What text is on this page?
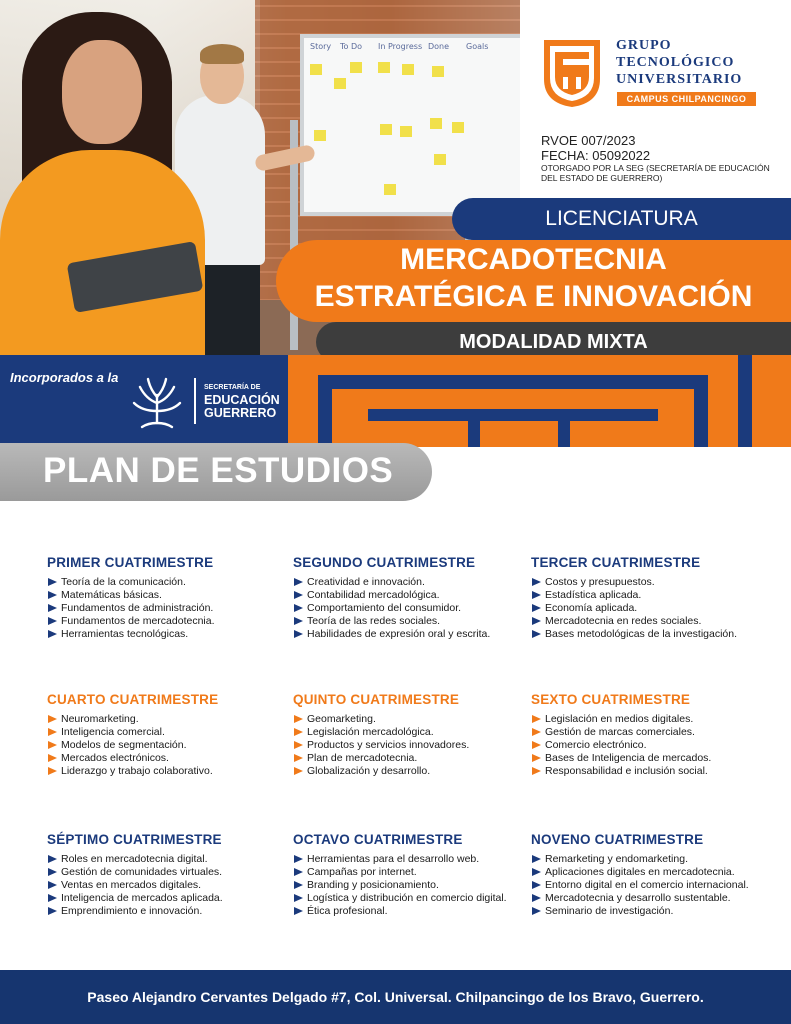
Story To Do In Progress Done Goals	GRUPO
TECNOLÓGICO
UNIVERSITARIO
CAMPUS CHILPANCINGO
RVOE 007/2023
FECHA: 05092022
OTORGADO POR LA SEG (SECRETARÍA DE EDUCACIÓN DEL ESTADO DE GUERRERO)
LICENCIATURA
MERCADOTECNIA
ESTRATÉGICA E INNOVACIÓN
MODALIDAD MIXTA
Incorporados a la
SECRETARÍA DE
EDUCACIÓN
GUERRERO
PLAN DE ESTUDIOS
PRIMER CUATRIMESTRE
Teoría de la comunicación.
Matemáticas básicas.
Fundamentos de administración.
Fundamentos de mercadotecnia.
Herramientas tecnológicas.
SEGUNDO CUATRIMESTRE
Creatividad e innovación.
Contabilidad mercadológica.
Comportamiento del consumidor.
Teoría de las redes sociales.
Habilidades de expresión oral y escrita.
TERCER CUATRIMESTRE
Costos y presupuestos.
Estadística aplicada.
Economía aplicada.
Mercadotecnia en redes sociales.
Bases metodológicas de la investigación.
CUARTO CUATRIMESTRE
Neuromarketing.
Inteligencia comercial.
Modelos de segmentación.
Mercados electrónicos.
Liderazgo y trabajo colaborativo.
QUINTO CUATRIMESTRE
Geomarketing.
Legislación mercadológica.
Productos y servicios innovadores.
Plan de mercadotecnia.
Globalización y desarrollo.
SEXTO CUATRIMESTRE
Legislación en medios digitales.
Gestión de marcas comerciales.
Comercio electrónico.
Bases de Inteligencia de mercados.
Responsabilidad e inclusión social.
SÉPTIMO CUATRIMESTRE
Roles en mercadotecnia digital.
Gestión de comunidades virtuales.
Ventas en mercados digitales.
Inteligencia de mercados aplicada.
Emprendimiento e innovación.
OCTAVO CUATRIMESTRE
Herramientas para el desarrollo web.
Campañas por internet.
Branding y posicionamiento.
Logística y distribución en comercio digital.
Ética profesional.
NOVENO CUATRIMESTRE
Remarketing y endomarketing.
Aplicaciones digitales en mercadotecnia.
Entorno digital en el comercio internacional.
Mercadotecnia y desarrollo sustentable.
Seminario de investigación.
Paseo Alejandro Cervantes Delgado #7, Col. Universal. Chilpancingo de los Bravo, Guerrero.
